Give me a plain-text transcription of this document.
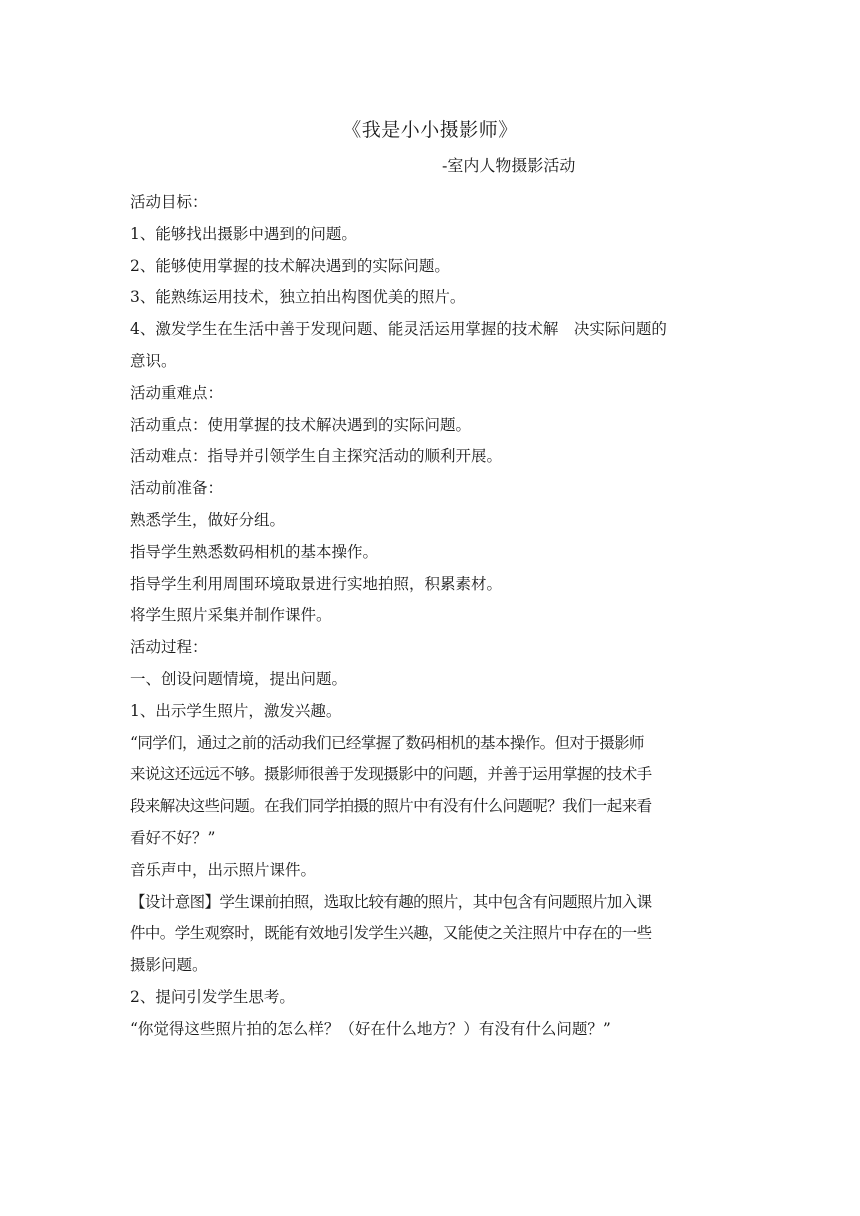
《我是小小摄影师》
-室内人物摄影活动

活动目标：

1、能够找出摄影中遇到的问题。

2、能够使用掌握的技术解决遇到的实际问题。

3、能熟练运用技术，独立拍出构图优美的照片。

4、激发学生在生活中善于发现问题、能灵活运用掌握的技术解　决实际问题的

意识。

活动重难点：

活动重点：使用掌握的技术解决遇到的实际问题。

活动难点：指导并引领学生自主探究活动的顺利开展。

活动前准备：

熟悉学生，做好分组。

指导学生熟悉数码相机的基本操作。

指导学生利用周围环境取景进行实地拍照，积累素材。

将学生照片采集并制作课件。

活动过程：

一、创设问题情境，提出问题。

1、出示学生照片，激发兴趣。

“同学们，通过之前的活动我们已经掌握了数码相机的基本操作。但对于摄影师

来说这还远远不够。摄影师很善于发现摄影中的问题，并善于运用掌握的技术手

段来解决这些问题。在我们同学拍摄的照片中有没有什么问题呢？我们一起来看

看好不好？”

音乐声中，出示照片课件。

【设计意图】学生课前拍照，选取比较有趣的照片，其中包含有问题照片加入课

件中。学生观察时，既能有效地引发学生兴趣，又能使之关注照片中存在的一些

摄影问题。

2、提问引发学生思考。

“你觉得这些照片拍的怎么样？（好在什么地方？）有没有什么问题？”
